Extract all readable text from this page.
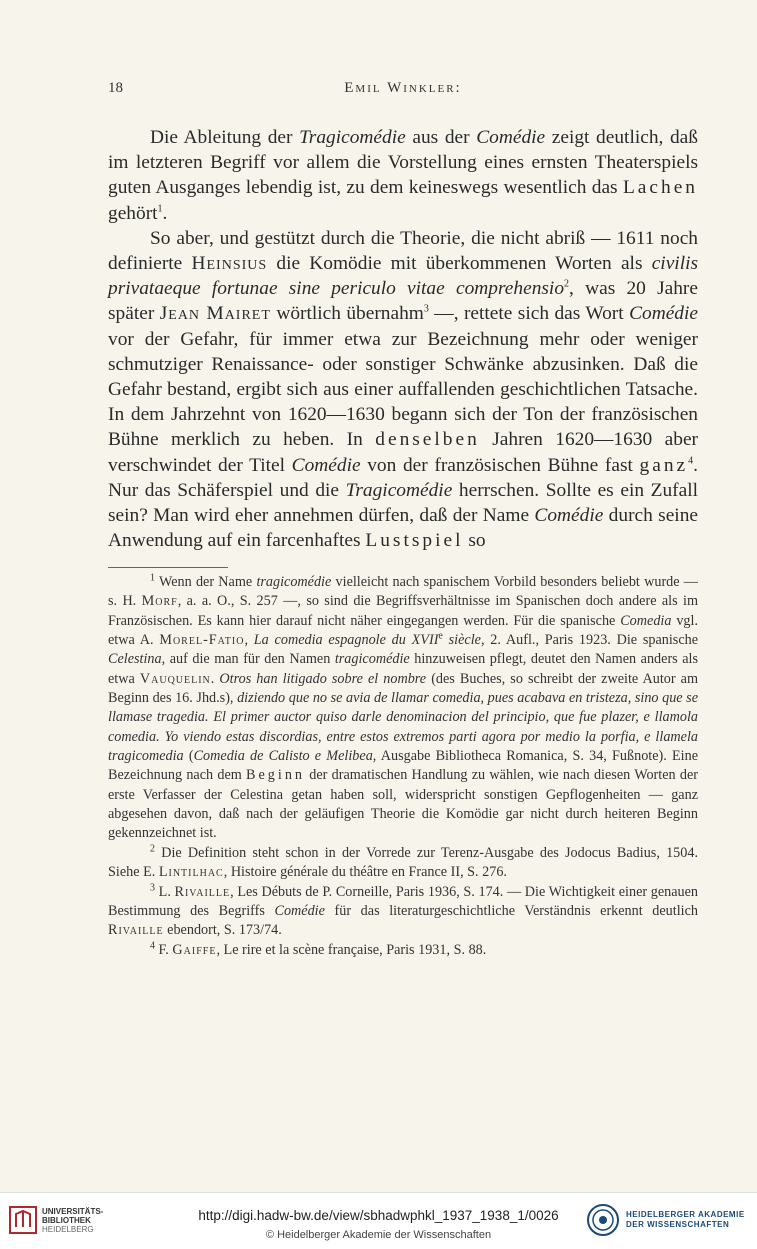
18	Emil Winkler:

Die Ableitung der Tragicomédie aus der Comédie zeigt deutlich, daß im letzteren Begriff vor allem die Vorstellung eines ernsten Theaterspiels guten Ausganges lebendig ist, zu dem keineswegs wesentlich das Lachen gehört$^1$.

So aber, und gestützt durch die Theorie, die nicht abriß — 1611 noch definierte Heinsius die Komödie mit überkommenen Worten als civilis privataeque fortunae sine periculo vitae comprehensio$^2$, was 20 Jahre später Jean Mairet wörtlich übernahm$^3$ —, rettete sich das Wort Comédie vor der Gefahr, für immer etwa zur Bezeichnung mehr oder weniger schmutziger Renaissance- oder sonstiger Schwänke abzusinken. Daß die Gefahr bestand, ergibt sich aus einer auffallenden geschichtlichen Tatsache. In dem Jahrzehnt von 1620—1630 begann sich der Ton der französischen Bühne merklich zu heben. In denselben Jahren 1620—1630 aber verschwindet der Titel Comédie von der französischen Bühne fast ganz$^4$. Nur das Schäferspiel und die Tragicomédie herrschen. Sollte es ein Zufall sein? Man wird eher annehmen dürfen, daß der Name Comédie durch seine Anwendung auf ein farcenhaftes Lustspiel so

$^1$ Wenn der Name tragicomédie vielleicht nach spanischem Vorbild besonders beliebt wurde — s. H. Morf, a. a. O., S. 257 —, so sind die Begriffsverhältnisse im Spanischen doch andere als im Französischen. Es kann hier darauf nicht näher eingegangen werden. Für die spanische Comedia vgl. etwa A. Morel-Fatio, La comedia espagnole du XVIIe siècle, 2. Aufl., Paris 1923. Die spanische Celestina, auf die man für den Namen tragicomédie hinzuweisen pflegt, deutet den Namen anders als etwa Vauquelin. Otros han litigado sobre el nombre (des Buches, so schreibt der zweite Autor am Beginn des 16. Jhd.s), diziendo que no se avia de llamar comedia, pues acabava en tristeza, sino que se llamase tragedia. El primer auctor quiso darle denominacion del principio, que fue plazer, e llamola comedia. Yo viendo estas discordias, entre estos extremos parti agora por medio la porfia, e llamela tragicomedia (Comedia de Calisto e Melibea, Ausgabe Bibliotheca Romanica, S. 34, Fußnote). Eine Bezeichnung nach dem Beginn der dramatischen Handlung zu wählen, wie nach diesen Worten der erste Verfasser der Celestina getan haben soll, widerspricht sonstigen Gepflogenheiten — ganz abgesehen davon, daß nach der geläufigen Theorie die Komödie gar nicht durch heiteren Beginn gekennzeichnet ist.

$^2$ Die Definition steht schon in der Vorrede zur Terenz-Ausgabe des Jodocus Badius, 1504. Siehe E. Lintilhac, Histoire générale du théâtre en France II, S. 276.

$^3$ L. Rivaille, Les Débuts de P. Corneille, Paris 1936, S. 174. — Die Wichtigkeit einer genauen Bestimmung des Begriffs Comédie für das literaturgeschichtliche Verständnis erkennt deutlich Rivaille ebendort, S. 173/74.

$^4$ F. Gaiffe, Le rire et la scène française, Paris 1931, S. 88.

UNIVERSITÄTS-
BIBLIOTHEK
HEIDELBERG
http://digi.hadw-bw.de/view/sbhadwphkl_1937_1938_1/0026
© Heidelberger Akademie der Wissenschaften
HEIDELBERGER AKADEMIE
DER WISSENSCHAFTEN
